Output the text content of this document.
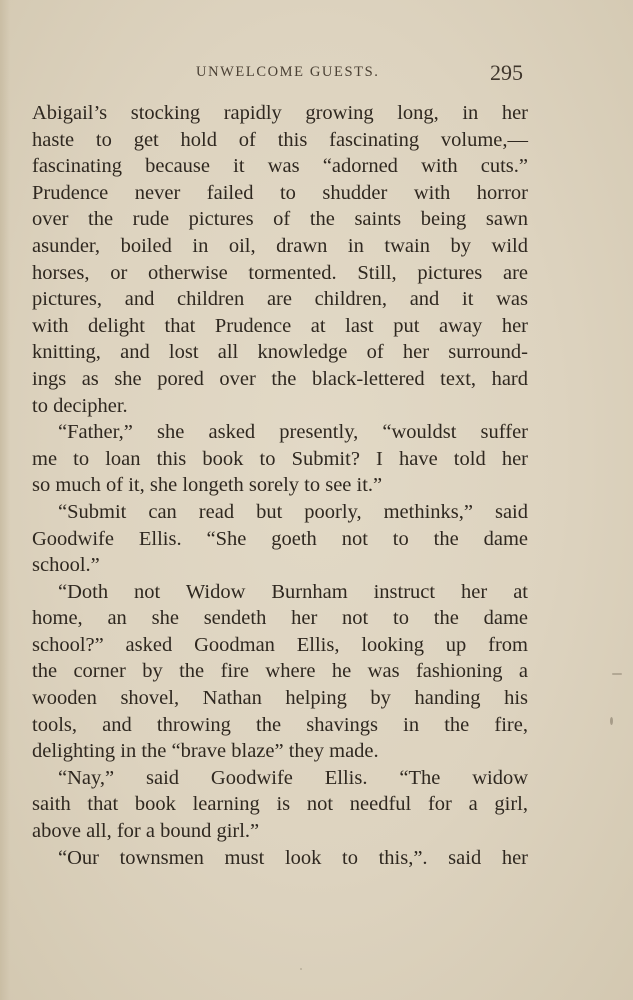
UNWELCOME GUESTS.	295
Abigail’s stocking rapidly growing long, in her
haste to get hold of this fascinating volume,—
fascinating because it was “adorned with cuts.”
Prudence never failed to shudder with horror
over the rude pictures of the saints being sawn
asunder, boiled in oil, drawn in twain by wild
horses, or otherwise tormented. Still, pictures are
pictures, and children are children, and it was
with delight that Prudence at last put away her
knitting, and lost all knowledge of her surround-
ings as she pored over the black-lettered text, hard
to decipher.
“Father,” she asked presently, “wouldst suffer
me to loan this book to Submit? I have told her
so much of it, she longeth sorely to see it.”
“Submit can read but poorly, methinks,” said
Goodwife Ellis. “She goeth not to the dame
school.”
“Doth not Widow Burnham instruct her at
home, an she sendeth her not to the dame
school?” asked Goodman Ellis, looking up from
the corner by the fire where he was fashioning a
wooden shovel, Nathan helping by handing his
tools, and throwing the shavings in the fire,
delighting in the “brave blaze” they made.
“Nay,” said Goodwife Ellis. “The widow
saith that book learning is not needful for a girl,
above all, for a bound girl.”
“Our townsmen must look to this,”. said her
